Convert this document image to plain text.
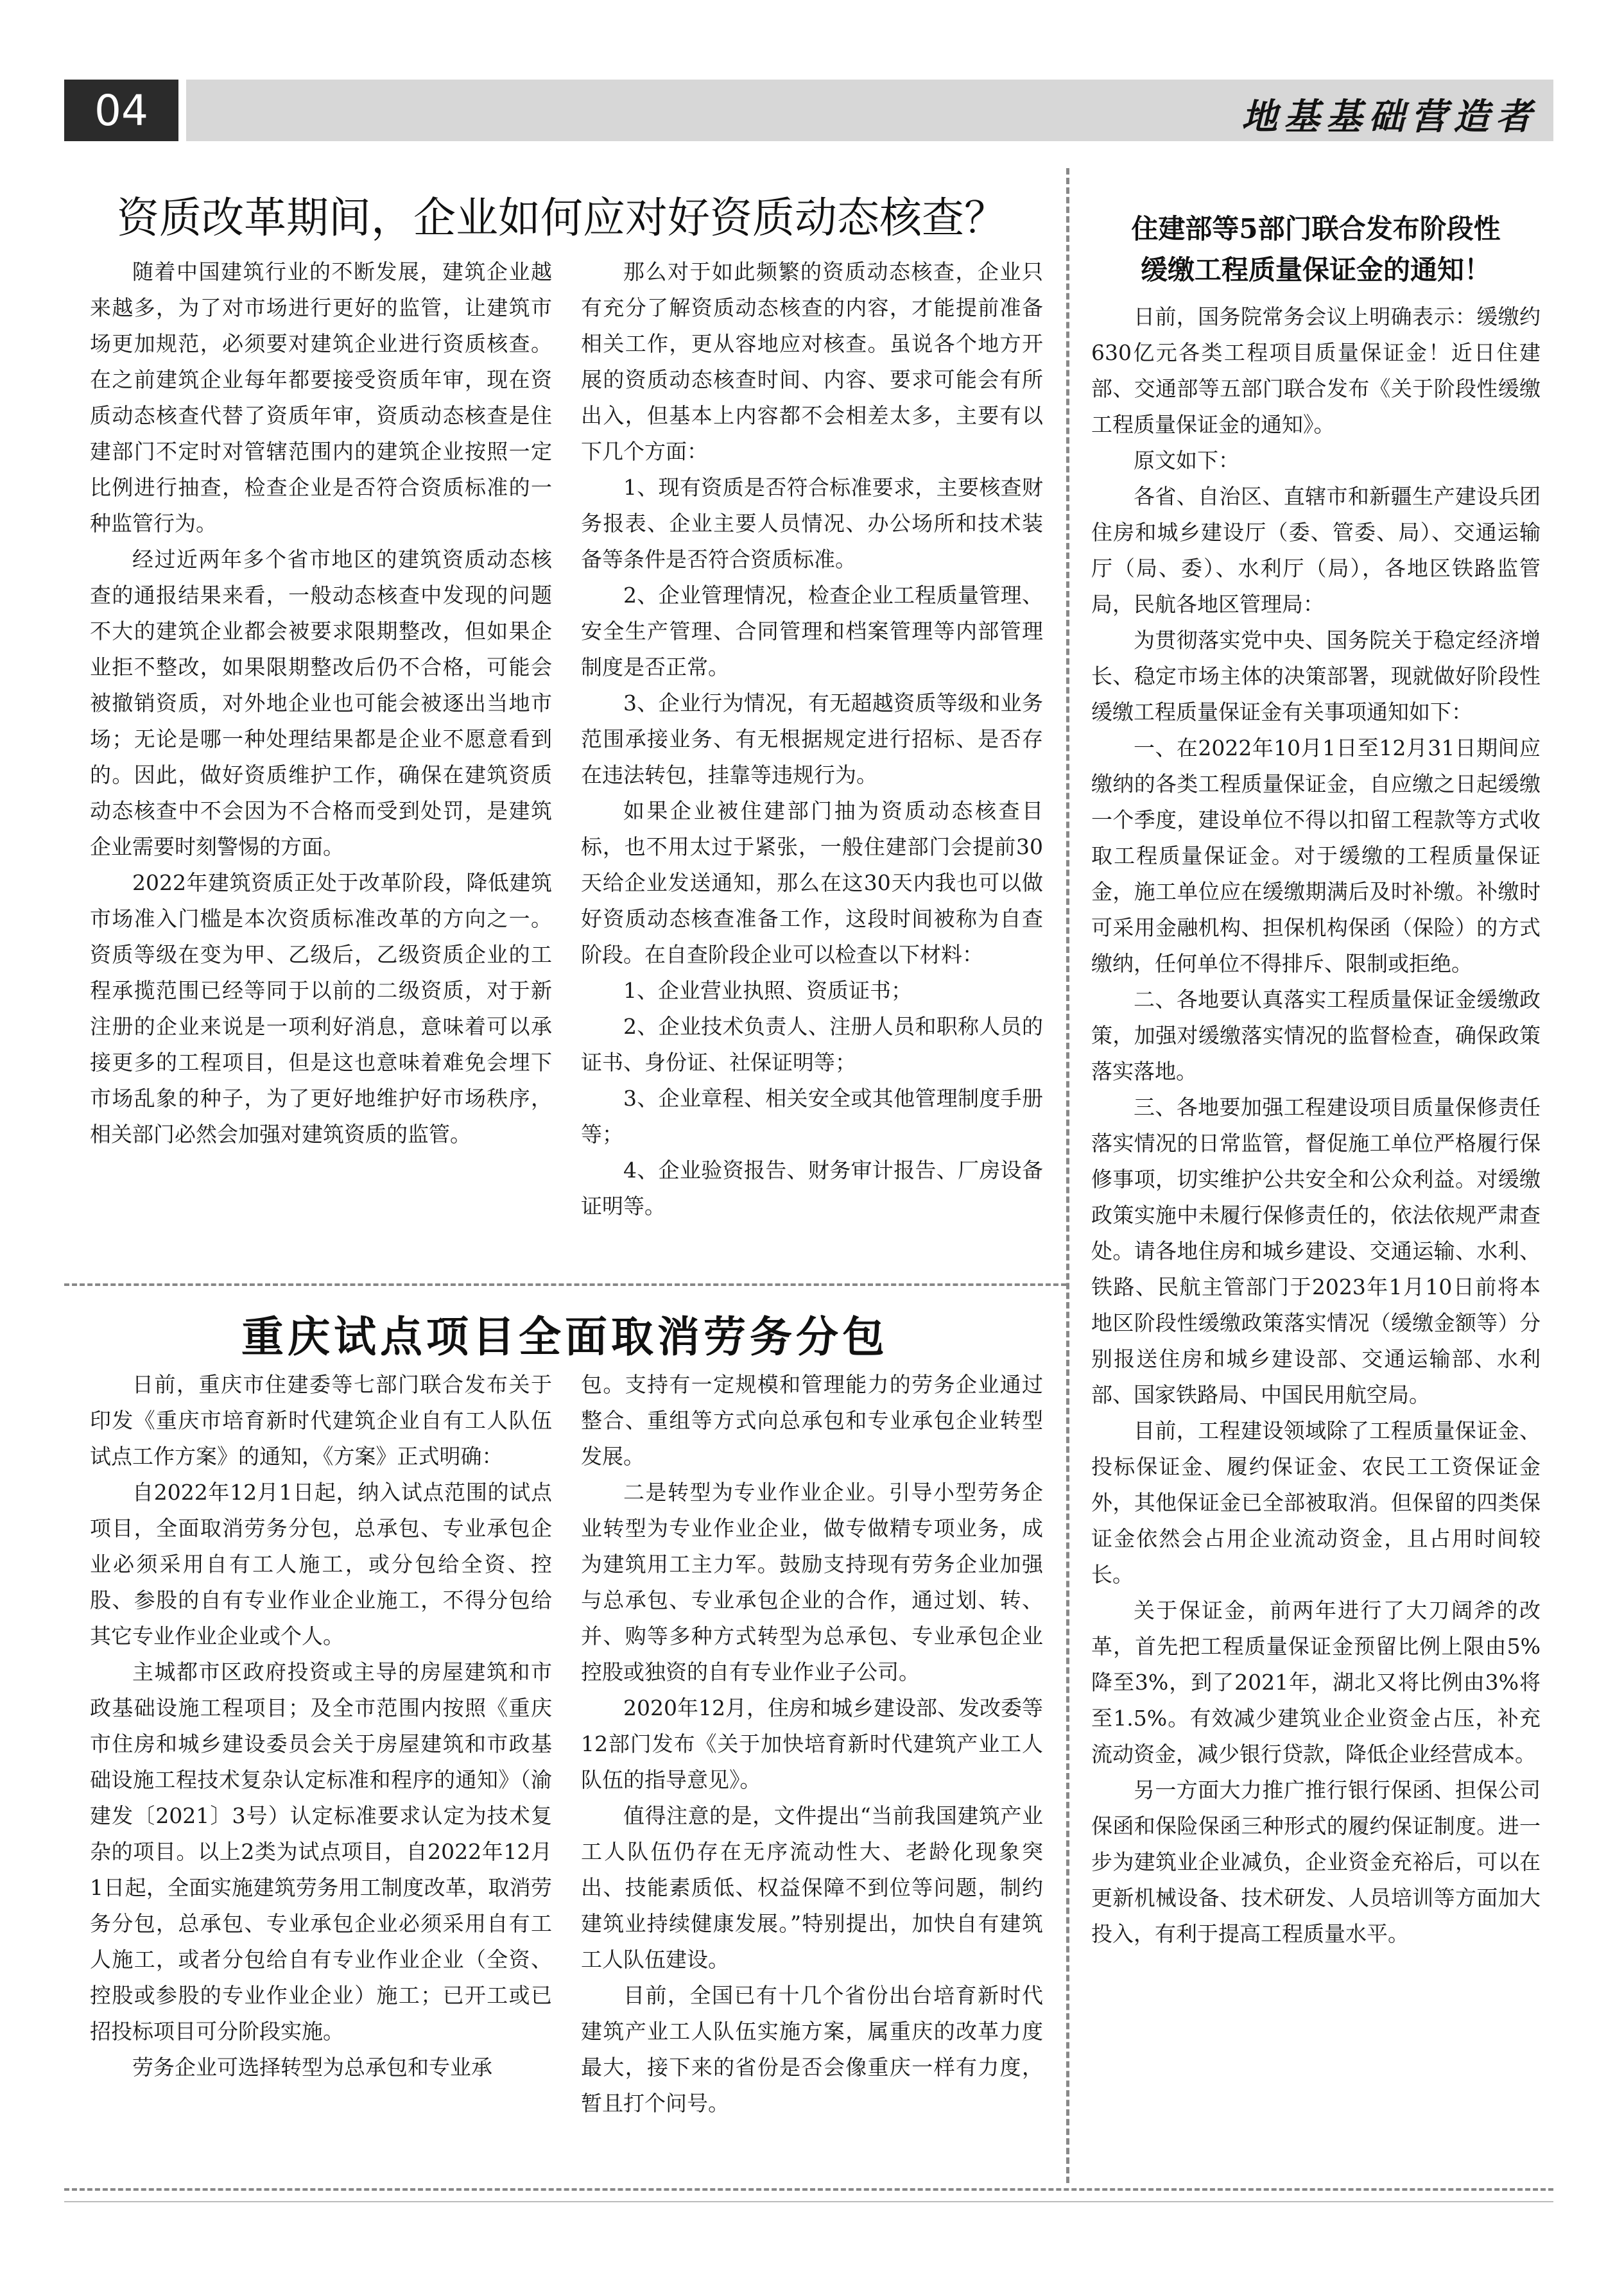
04	地基基础营造者
资质改革期间，企业如何应对好资质动态核查？

随着中国建筑行业的不断发展，建筑企业越来越多，为了对市场进行更好的监管，让建筑市场更加规范，必须要对建筑企业进行资质核查。在之前建筑企业每年都要接受资质年审，现在资质动态核查代替了资质年审，资质动态核查是住建部门不定时对管辖范围内的建筑企业按照一定比例进行抽查，检查企业是否符合资质标准的一种监管行为。

经过近两年多个省市地区的建筑资质动态核查的通报结果来看，一般动态核查中发现的问题不大的建筑企业都会被要求限期整改，但如果企业拒不整改，如果限期整改后仍不合格，可能会被撤销资质，对外地企业也可能会被逐出当地市场；无论是哪一种处理结果都是企业不愿意看到的。因此，做好资质维护工作，确保在建筑资质动态核查中不会因为不合格而受到处罚，是建筑企业需要时刻警惕的方面。

2022年建筑资质正处于改革阶段，降低建筑市场准入门槛是本次资质标准改革的方向之一。资质等级在变为甲、乙级后，乙级资质企业的工程承揽范围已经等同于以前的二级资质，对于新注册的企业来说是一项利好消息，意味着可以承接更多的工程项目，但是这也意味着难免会埋下市场乱象的种子，为了更好地维护好市场秩序，相关部门必然会加强对建筑资质的监管。

那么对于如此频繁的资质动态核查，企业只有充分了解资质动态核查的内容，才能提前准备相关工作，更从容地应对核查。虽说各个地方开展的资质动态核查时间、内容、要求可能会有所出入，但基本上内容都不会相差太多，主要有以下几个方面：

1、现有资质是否符合标准要求，主要核查财务报表、企业主要人员情况、办公场所和技术装备等条件是否符合资质标准。

2、企业管理情况，检查企业工程质量管理、安全生产管理、合同管理和档案管理等内部管理制度是否正常。

3、企业行为情况，有无超越资质等级和业务范围承接业务、有无根据规定进行招标、是否存在违法转包，挂靠等违规行为。

如果企业被住建部门抽为资质动态核查目标，也不用太过于紧张，一般住建部门会提前30天给企业发送通知，那么在这30天内我也可以做好资质动态核查准备工作，这段时间被称为自查阶段。在自查阶段企业可以检查以下材料：

1、企业营业执照、资质证书；

2、企业技术负责人、注册人员和职称人员的证书、身份证、社保证明等；

3、企业章程、相关安全或其他管理制度手册等；

4、企业验资报告、财务审计报告、厂房设备证明等。

重庆试点项目全面取消劳务分包

日前，重庆市住建委等七部门联合发布关于印发《重庆市培育新时代建筑企业自有工人队伍试点工作方案》的通知，《方案》正式明确：

自2022年12月1日起，纳入试点范围的试点项目，全面取消劳务分包，总承包、专业承包企业必须采用自有工人施工，或分包给全资、控股、参股的自有专业作业企业施工，不得分包给其它专业作业企业或个人。

主城都市区政府投资或主导的房屋建筑和市政基础设施工程项目；及全市范围内按照《重庆市住房和城乡建设委员会关于房屋建筑和市政基础设施工程技术复杂认定标准和程序的通知》（渝建发〔2021〕3号）认定标准要求认定为技术复杂的项目。以上2类为试点项目，自2022年12月1日起，全面实施建筑劳务用工制度改革，取消劳务分包，总承包、专业承包企业必须采用自有工人施工，或者分包给自有专业作业企业（全资、控股或参股的专业作业企业）施工；已开工或已招投标项目可分阶段实施。

劳务企业可选择转型为总承包和专业承

包。支持有一定规模和管理能力的劳务企业通过整合、重组等方式向总承包和专业承包企业转型发展。

二是转型为专业作业企业。引导小型劳务企业转型为专业作业企业，做专做精专项业务，成为建筑用工主力军。鼓励支持现有劳务企业加强与总承包、专业承包企业的合作，通过划、转、并、购等多种方式转型为总承包、专业承包企业控股或独资的自有专业作业子公司。

2020年12月，住房和城乡建设部、发改委等12部门发布《关于加快培育新时代建筑产业工人队伍的指导意见》。

值得注意的是，文件提出“当前我国建筑产业工人队伍仍存在无序流动性大、老龄化现象突出、技能素质低、权益保障不到位等问题，制约建筑业持续健康发展。”特别提出，加快自有建筑工人队伍建设。

目前，全国已有十几个省份出台培育新时代建筑产业工人队伍实施方案，属重庆的改革力度最大，接下来的省份是否会像重庆一样有力度，暂且打个问号。

住建部等5部门联合发布阶段性
缓缴工程质量保证金的通知！

日前，国务院常务会议上明确表示：缓缴约630亿元各类工程项目质量保证金！近日住建部、交通部等五部门联合发布《关于阶段性缓缴工程质量保证金的通知》。

原文如下：

各省、自治区、直辖市和新疆生产建设兵团住房和城乡建设厅（委、管委、局）、交通运输厅（局、委）、水利厅（局），各地区铁路监管局，民航各地区管理局：

为贯彻落实党中央、国务院关于稳定经济增长、稳定市场主体的决策部署，现就做好阶段性缓缴工程质量保证金有关事项通知如下：

一、在2022年10月1日至12月31日期间应缴纳的各类工程质量保证金，自应缴之日起缓缴一个季度，建设单位不得以扣留工程款等方式收取工程质量保证金。对于缓缴的工程质量保证金，施工单位应在缓缴期满后及时补缴。补缴时可采用金融机构、担保机构保函（保险）的方式缴纳，任何单位不得排斥、限制或拒绝。

二、各地要认真落实工程质量保证金缓缴政策，加强对缓缴落实情况的监督检查，确保政策落实落地。

三、各地要加强工程建设项目质量保修责任落实情况的日常监管，督促施工单位严格履行保修事项，切实维护公共安全和公众利益。对缓缴政策实施中未履行保修责任的，依法依规严肃查处。请各地住房和城乡建设、交通运输、水利、铁路、民航主管部门于2023年1月10日前将本地区阶段性缓缴政策落实情况（缓缴金额等）分别报送住房和城乡建设部、交通运输部、水利部、国家铁路局、中国民用航空局。

目前，工程建设领域除了工程质量保证金、投标保证金、履约保证金、农民工工资保证金外，其他保证金已全部被取消。但保留的四类保证金依然会占用企业流动资金，且占用时间较长。

关于保证金，前两年进行了大刀阔斧的改革，首先把工程质量保证金预留比例上限由5%降至3%，到了2021年，湖北又将比例由3%将至1.5%。有效减少建筑业企业资金占压，补充流动资金，减少银行贷款，降低企业经营成本。

另一方面大力推广推行银行保函、担保公司保函和保险保函三种形式的履约保证制度。进一步为建筑业企业减负，企业资金充裕后，可以在更新机械设备、技术研发、人员培训等方面加大投入，有利于提高工程质量水平。
